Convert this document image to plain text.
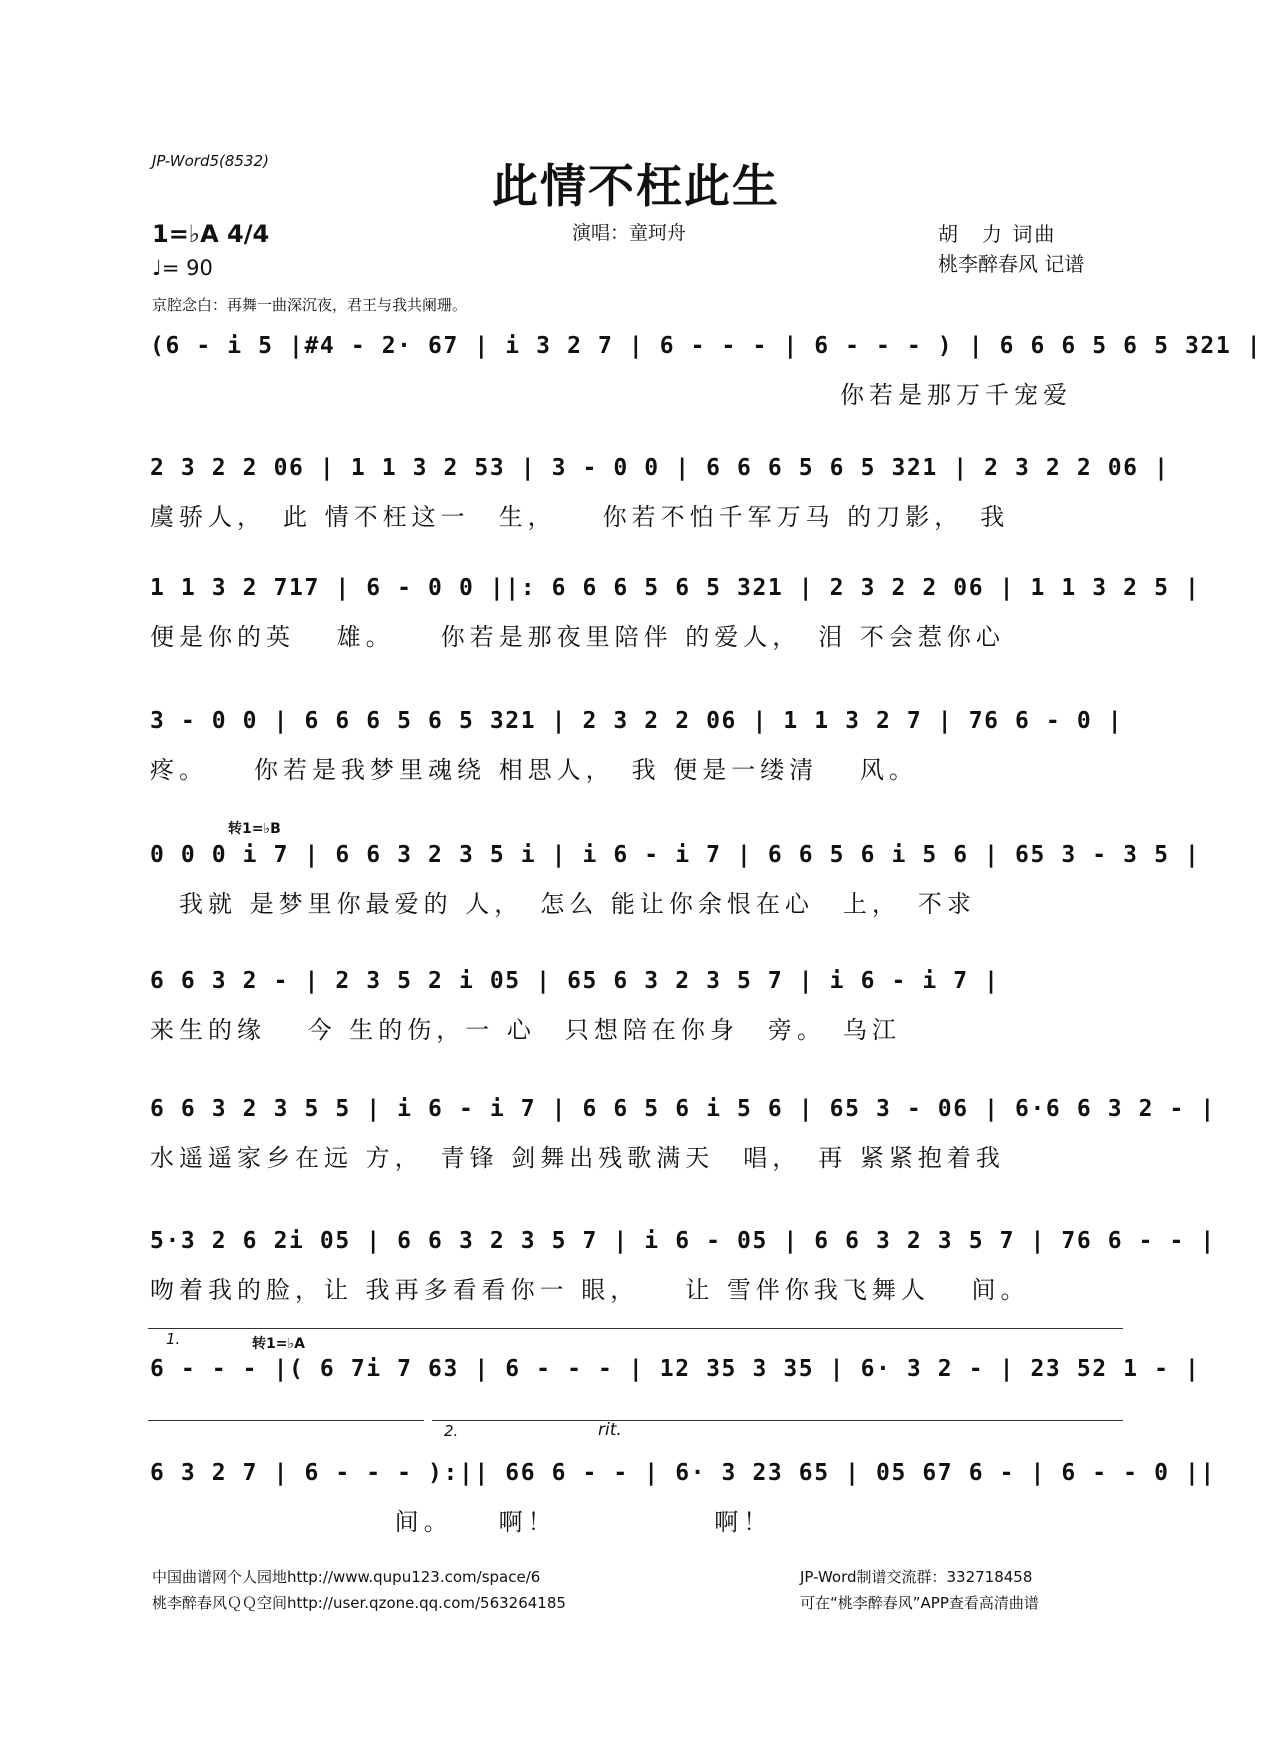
JP-Word5(8532)	此情不枉此生
1=♭A 4/4
♩= 90
演唱：童珂舟	胡　力 词曲
桃李醉春风 记谱
京腔念白：再舞一曲深沉夜，君王与我共阑珊。
(6 - i 5 |#4 - 2· 67 | i 3 2 7 | 6 - - - | 6 - - - ) | 6 6 6 5 6 5 321 |
你若是那万千宠爱
2 3 2 2 06 | 1 1 3 2 53 | 3 - 0 0 | 6 6 6 5 6 5 321 | 2 3 2 2 06 |
虞骄人，　此 情不枉这一　生，　　你若不怕千军万马 的刀影，　我
1 1 3 2 717 | 6 - 0 0 ||: 6 6 6 5 6 5 321 | 2 3 2 2 06 | 1 1 3 2 5 |
便是你的英　 雄。　　你若是那夜里陪伴 的爱人，　泪 不会惹你心
3 - 0 0 | 6 6 6 5 6 5 321 | 2 3 2 2 06 | 1 1 3 2 7 | 76 6 - 0 |
疼。　　你若是我梦里魂绕 相思人，　我 便是一缕清　 风。
转1=♭B
0 0 0 i 7 | 6 6 3 2 3 5 i | i 6 - i 7 | 6 6 5 6 i 5 6 | 65 3 - 3 5 |
　我就 是梦里你最爱的 人，　怎么 能让你余恨在心　上，　不求
6 6 3 2 - | 2 3 5 2 i 05 | 65 6 3 2 3 5 7 | i 6 - i 7 |
来生的缘　 今 生的伤，一 心　只想陪在你身　旁。　乌江
6 6 3 2 3 5 5 | i 6 - i 7 | 6 6 5 6 i 5 6 | 65 3 - 06 | 6·6 6 3 2 - |
水遥遥家乡在远 方，　青锋 剑舞出残歌满天　唱，　再 紧紧抱着我
5·3 2 6 2i 05 | 6 6 3 2 3 5 7 | i 6 - 05 | 6 6 3 2 3 5 7 | 76 6 - - |
吻着我的脸，让 我再多看看你一 眼，　　让 雪伴你我飞舞人　 间。
1.	转1=♭A
6 - - - |( 6 7i 7 63 | 6 - - - | 12 35 3 35 | 6· 3 2 - | 23 52 1 - |
2.	rit.
6 3 2 7 | 6 - - - ):|| 66 6 - - | 6· 3 23 65 | 05 67 6 - | 6 - - 0 ||
　　　　　　　　 间。　　啊！　　　　　 啊！
中国曲谱网个人园地http://www.qupu123.com/space/6
桃李醉春风ＱＱ空间http://user.qzone.qq.com/563264185
JP-Word制谱交流群：332718458
可在“桃李醉春风”APP查看高清曲谱
